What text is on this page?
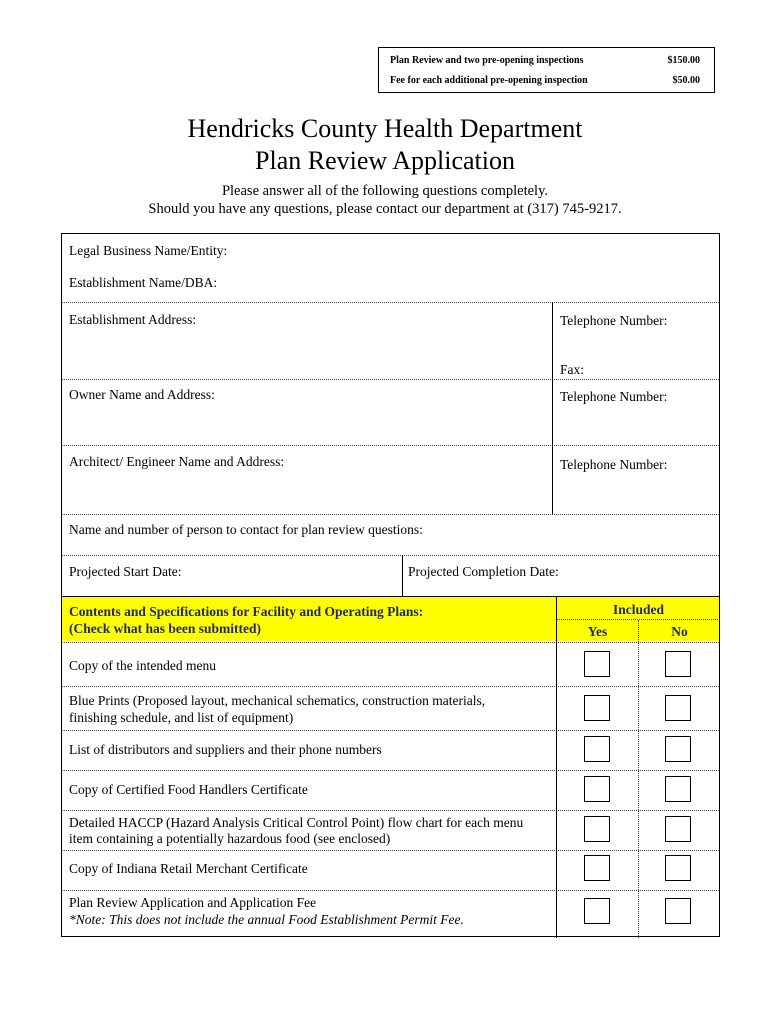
Plan Review and two pre-opening inspections	$150.00
Fee for each additional pre-opening inspection	$50.00
Hendricks County Health Department
Plan Review Application
Please answer all of the following questions completely.
Should you have any questions, please contact our department at (317) 745-9217.
Legal Business Name/Entity:
Establishment Name/DBA:
Establishment Address:	Telephone Number:
Fax:
Owner Name and Address:	Telephone Number:
Architect/ Engineer Name and Address:	Telephone Number:
Name and number of person to contact for plan review questions:
Projected Start Date:	Projected Completion Date:
Contents and Specifications for Facility and Operating Plans:
(Check what has been submitted)
Included
Yes	No
Copy of the intended menu
Blue Prints (Proposed layout, mechanical schematics, construction materials,
finishing schedule, and list of equipment)
List of distributors and suppliers and their phone numbers
Copy of Certified Food Handlers Certificate
Detailed HACCP (Hazard Analysis Critical Control Point) flow chart for each menu
item containing a potentially hazardous food (see enclosed)
Copy of Indiana Retail Merchant Certificate
Plan Review Application and Application Fee
*Note: This does not include the annual Food Establishment Permit Fee.
